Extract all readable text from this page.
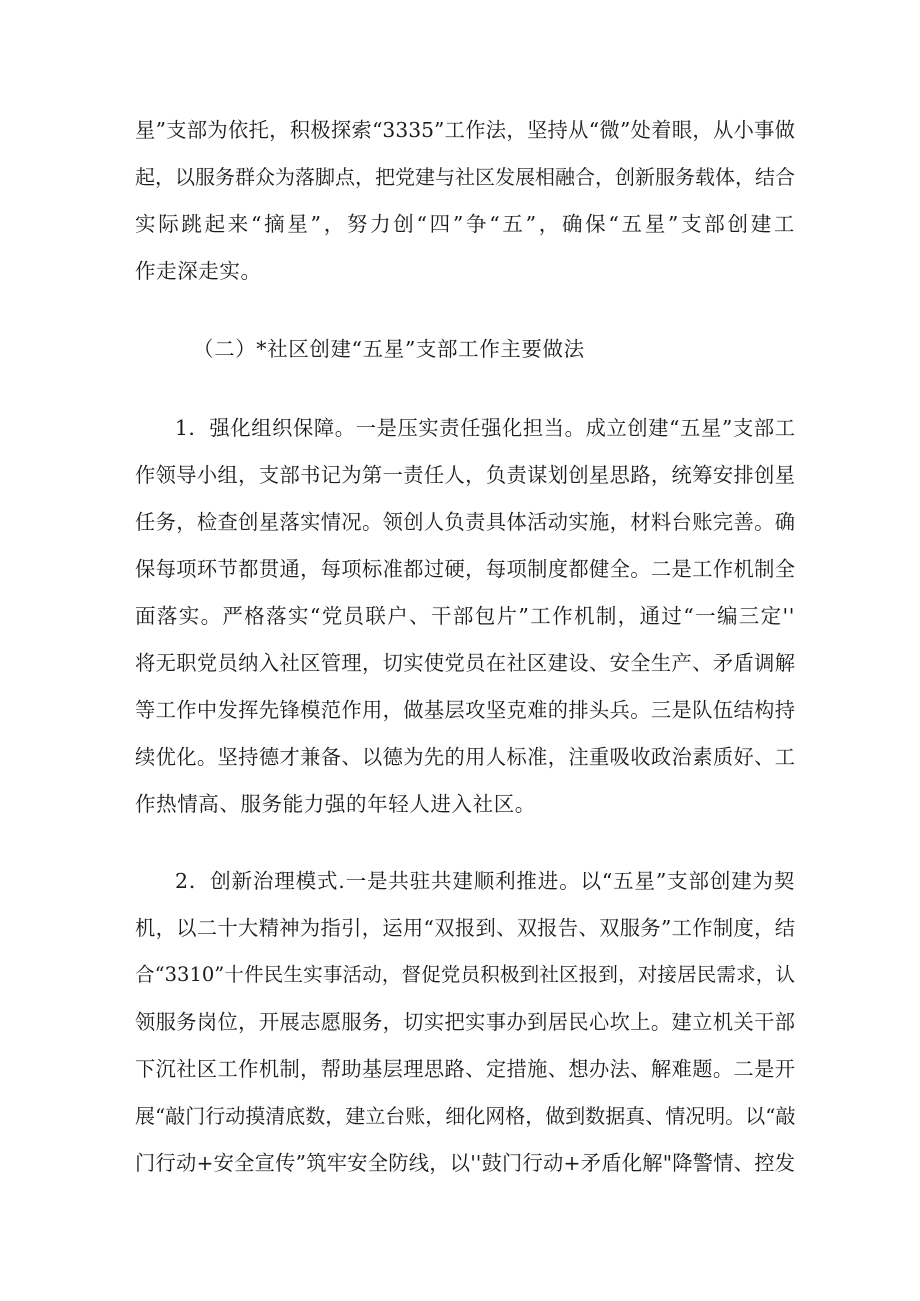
星”支部为依托，积极探索“3335”工作法，坚持从“微”处着眼，从小事做
起，以服务群众为落脚点，把党建与社区发展相融合，创新服务载体，结合
实际跳起来“摘星”，努力创“四”争“五”，确保“五星”支部创建工
作走深走实。
（二）*社区创建“五星”支部工作主要做法
1．强化组织保障。一是压实责任强化担当。成立创建“五星”支部工
作领导小组，支部书记为第一责任人，负责谋划创星思路，统筹安排创星
任务，检查创星落实情况。领创人负责具体活动实施，材料台账完善。确
保每项环节都贯通，每项标准都过硬，每项制度都健全。二是工作机制全
面落实。严格落实“党员联户、干部包片”工作机制，通过“一编三定''
将无职党员纳入社区管理，切实使党员在社区建设、安全生产、矛盾调解
等工作中发挥先锋模范作用，做基层攻坚克难的排头兵。三是队伍结构持
续优化。坚持德才兼备、以德为先的用人标准，注重吸收政治素质好、工
作热情高、服务能力强的年轻人进入社区。
2．创新治理模式.一是共驻共建顺利推进。以“五星”支部创建为契
机，以二十大精神为指引，运用“双报到、双报告、双服务”工作制度，结
合“3310”十件民生实事活动，督促党员积极到社区报到，对接居民需求，认
领服务岗位，开展志愿服务，切实把实事办到居民心坎上。建立机关干部
下沉社区工作机制，帮助基层理思路、定措施、想办法、解难题。二是开
展“敲门行动摸清底数，建立台账，细化网格，做到数据真、情况明。以“敲
门行动+安全宣传”筑牢安全防线，以''鼓门行动+矛盾化解"降警情、控发
